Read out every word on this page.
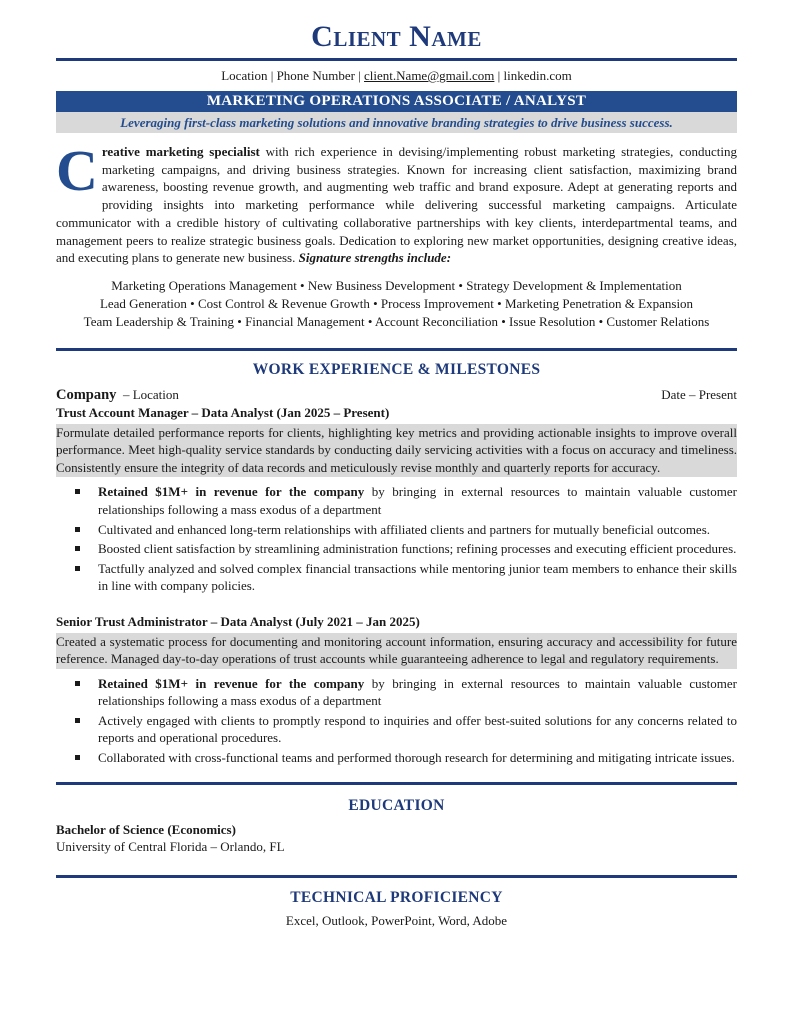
Client Name
Location | Phone Number | client.Name@gmail.com | linkedin.com
MARKETING OPERATIONS ASSOCIATE / ANALYST
Leveraging first-class marketing solutions and innovative branding strategies to drive business success.
Creative marketing specialist with rich experience in devising/implementing robust marketing strategies, conducting marketing campaigns, and driving business strategies. Known for increasing client satisfaction, maximizing brand awareness, boosting revenue growth, and augmenting web traffic and brand exposure. Adept at generating reports and providing insights into marketing performance while delivering successful marketing campaigns. Articulate communicator with a credible history of cultivating collaborative partnerships with key clients, interdepartmental teams, and management peers to realize strategic business goals. Dedication to exploring new market opportunities, designing creative ideas, and executing plans to generate new business. Signature strengths include:
Marketing Operations Management • New Business Development • Strategy Development & Implementation
Lead Generation • Cost Control & Revenue Growth • Process Improvement • Marketing Penetration & Expansion
Team Leadership & Training • Financial Management • Account Reconciliation • Issue Resolution • Customer Relations
WORK EXPERIENCE & MILESTONES
Company – Location	Date – Present
Trust Account Manager – Data Analyst (Jan 2025 – Present)
Formulate detailed performance reports for clients, highlighting key metrics and providing actionable insights to improve overall performance. Meet high-quality service standards by conducting daily servicing activities with a focus on accuracy and timeliness. Consistently ensure the integrity of data records and meticulously revise monthly and quarterly reports for accuracy.
Retained $1M+ in revenue for the company by bringing in external resources to maintain valuable customer relationships following a mass exodus of a department
Cultivated and enhanced long-term relationships with affiliated clients and partners for mutually beneficial outcomes.
Boosted client satisfaction by streamlining administration functions; refining processes and executing efficient procedures.
Tactfully analyzed and solved complex financial transactions while mentoring junior team members to enhance their skills in line with company policies.
Senior Trust Administrator – Data Analyst (July 2021 – Jan 2025)
Created a systematic process for documenting and monitoring account information, ensuring accuracy and accessibility for future reference. Managed day-to-day operations of trust accounts while guaranteeing adherence to legal and regulatory requirements.
Retained $1M+ in revenue for the company by bringing in external resources to maintain valuable customer relationships following a mass exodus of a department
Actively engaged with clients to promptly respond to inquiries and offer best-suited solutions for any concerns related to reports and operational procedures.
Collaborated with cross-functional teams and performed thorough research for determining and mitigating intricate issues.
EDUCATION
Bachelor of Science (Economics)
University of Central Florida – Orlando, FL
TECHNICAL PROFICIENCY
Excel, Outlook, PowerPoint, Word, Adobe
